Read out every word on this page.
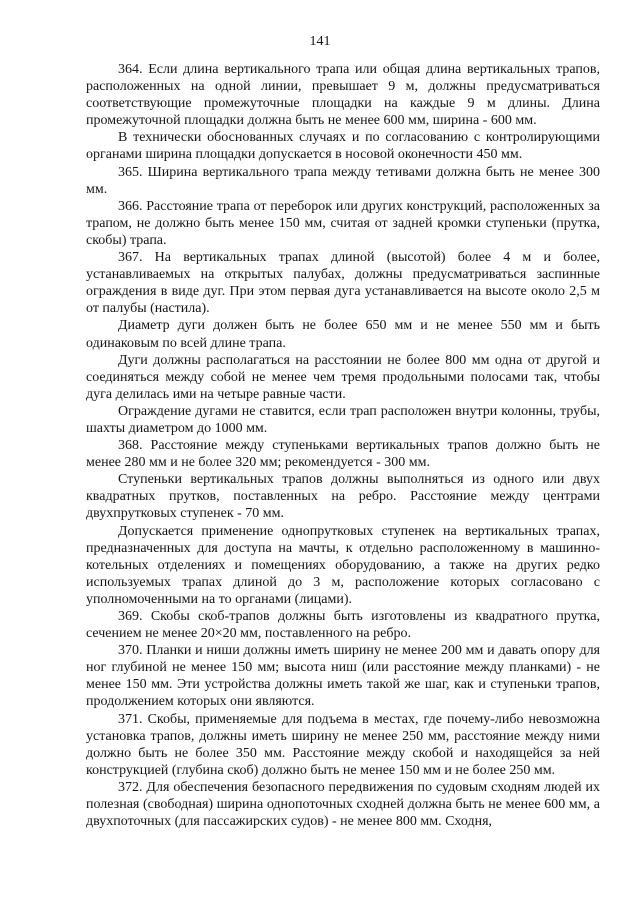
141

364. Если длина вертикального трапа или общая длина вертикальных трапов, расположенных на одной линии, превышает 9 м, должны предусматриваться соответствующие промежуточные площадки на каждые 9 м длины. Длина промежуточной площадки должна быть не менее 600 мм, ширина - 600 мм.

В технически обоснованных случаях и по согласованию с контролирующими органами ширина площадки допускается в носовой оконечности 450 мм.

365. Ширина вертикального трапа между тетивами должна быть не менее 300 мм.

366. Расстояние трапа от переборок или других конструкций, расположенных за трапом, не должно быть менее 150 мм, считая от задней кромки ступеньки (прутка, скобы) трапа.

367. На вертикальных трапах длиной (высотой) более 4 м и более, устанавливаемых на открытых палубах, должны предусматриваться заспинные ограждения в виде дуг. При этом первая дуга устанавливается на высоте около 2,5 м от палубы (настила).

Диаметр дуги должен быть не более 650 мм и не менее 550 мм и быть одинаковым по всей длине трапа.

Дуги должны располагаться на расстоянии не более 800 мм одна от другой и соединяться между собой не менее чем тремя продольными полосами так, чтобы дуга делилась ими на четыре равные части.

Ограждение дугами не ставится, если трап расположен внутри колонны, трубы, шахты диаметром до 1000 мм.

368. Расстояние между ступеньками вертикальных трапов должно быть не менее 280 мм и не более 320 мм; рекомендуется - 300 мм.

Ступеньки вертикальных трапов должны выполняться из одного или двух квадратных прутков, поставленных на ребро. Расстояние между центрами двухпрутковых ступенек - 70 мм.

Допускается применение однопрутковых ступенек на вертикальных трапах, предназначенных для доступа на мачты, к отдельно расположенному в машинно-котельных отделениях и помещениях оборудованию, а также на других редко используемых трапах длиной до 3 м, расположение которых согласовано с уполномоченными на то органами (лицами).

369. Скобы скоб-трапов должны быть изготовлены из квадратного прутка, сечением не менее 20×20 мм, поставленного на ребро.

370. Планки и ниши должны иметь ширину не менее 200 мм и давать опору для ног глубиной не менее 150 мм; высота ниш (или расстояние между планками) - не менее 150 мм. Эти устройства должны иметь такой же шаг, как и ступеньки трапов, продолжением которых они являются.

371. Скобы, применяемые для подъема в местах, где почему-либо невозможна установка трапов, должны иметь ширину не менее 250 мм, расстояние между ними должно быть не более 350 мм. Расстояние между скобой и находящейся за ней конструкцией (глубина скоб) должно быть не менее 150 мм и не более 250 мм.

372. Для обеспечения безопасного передвижения по судовым сходням людей их полезная (свободная) ширина однопоточных сходней должна быть не менее 600 мм, а двухпоточных (для пассажирских судов) - не менее 800 мм. Сходня,
